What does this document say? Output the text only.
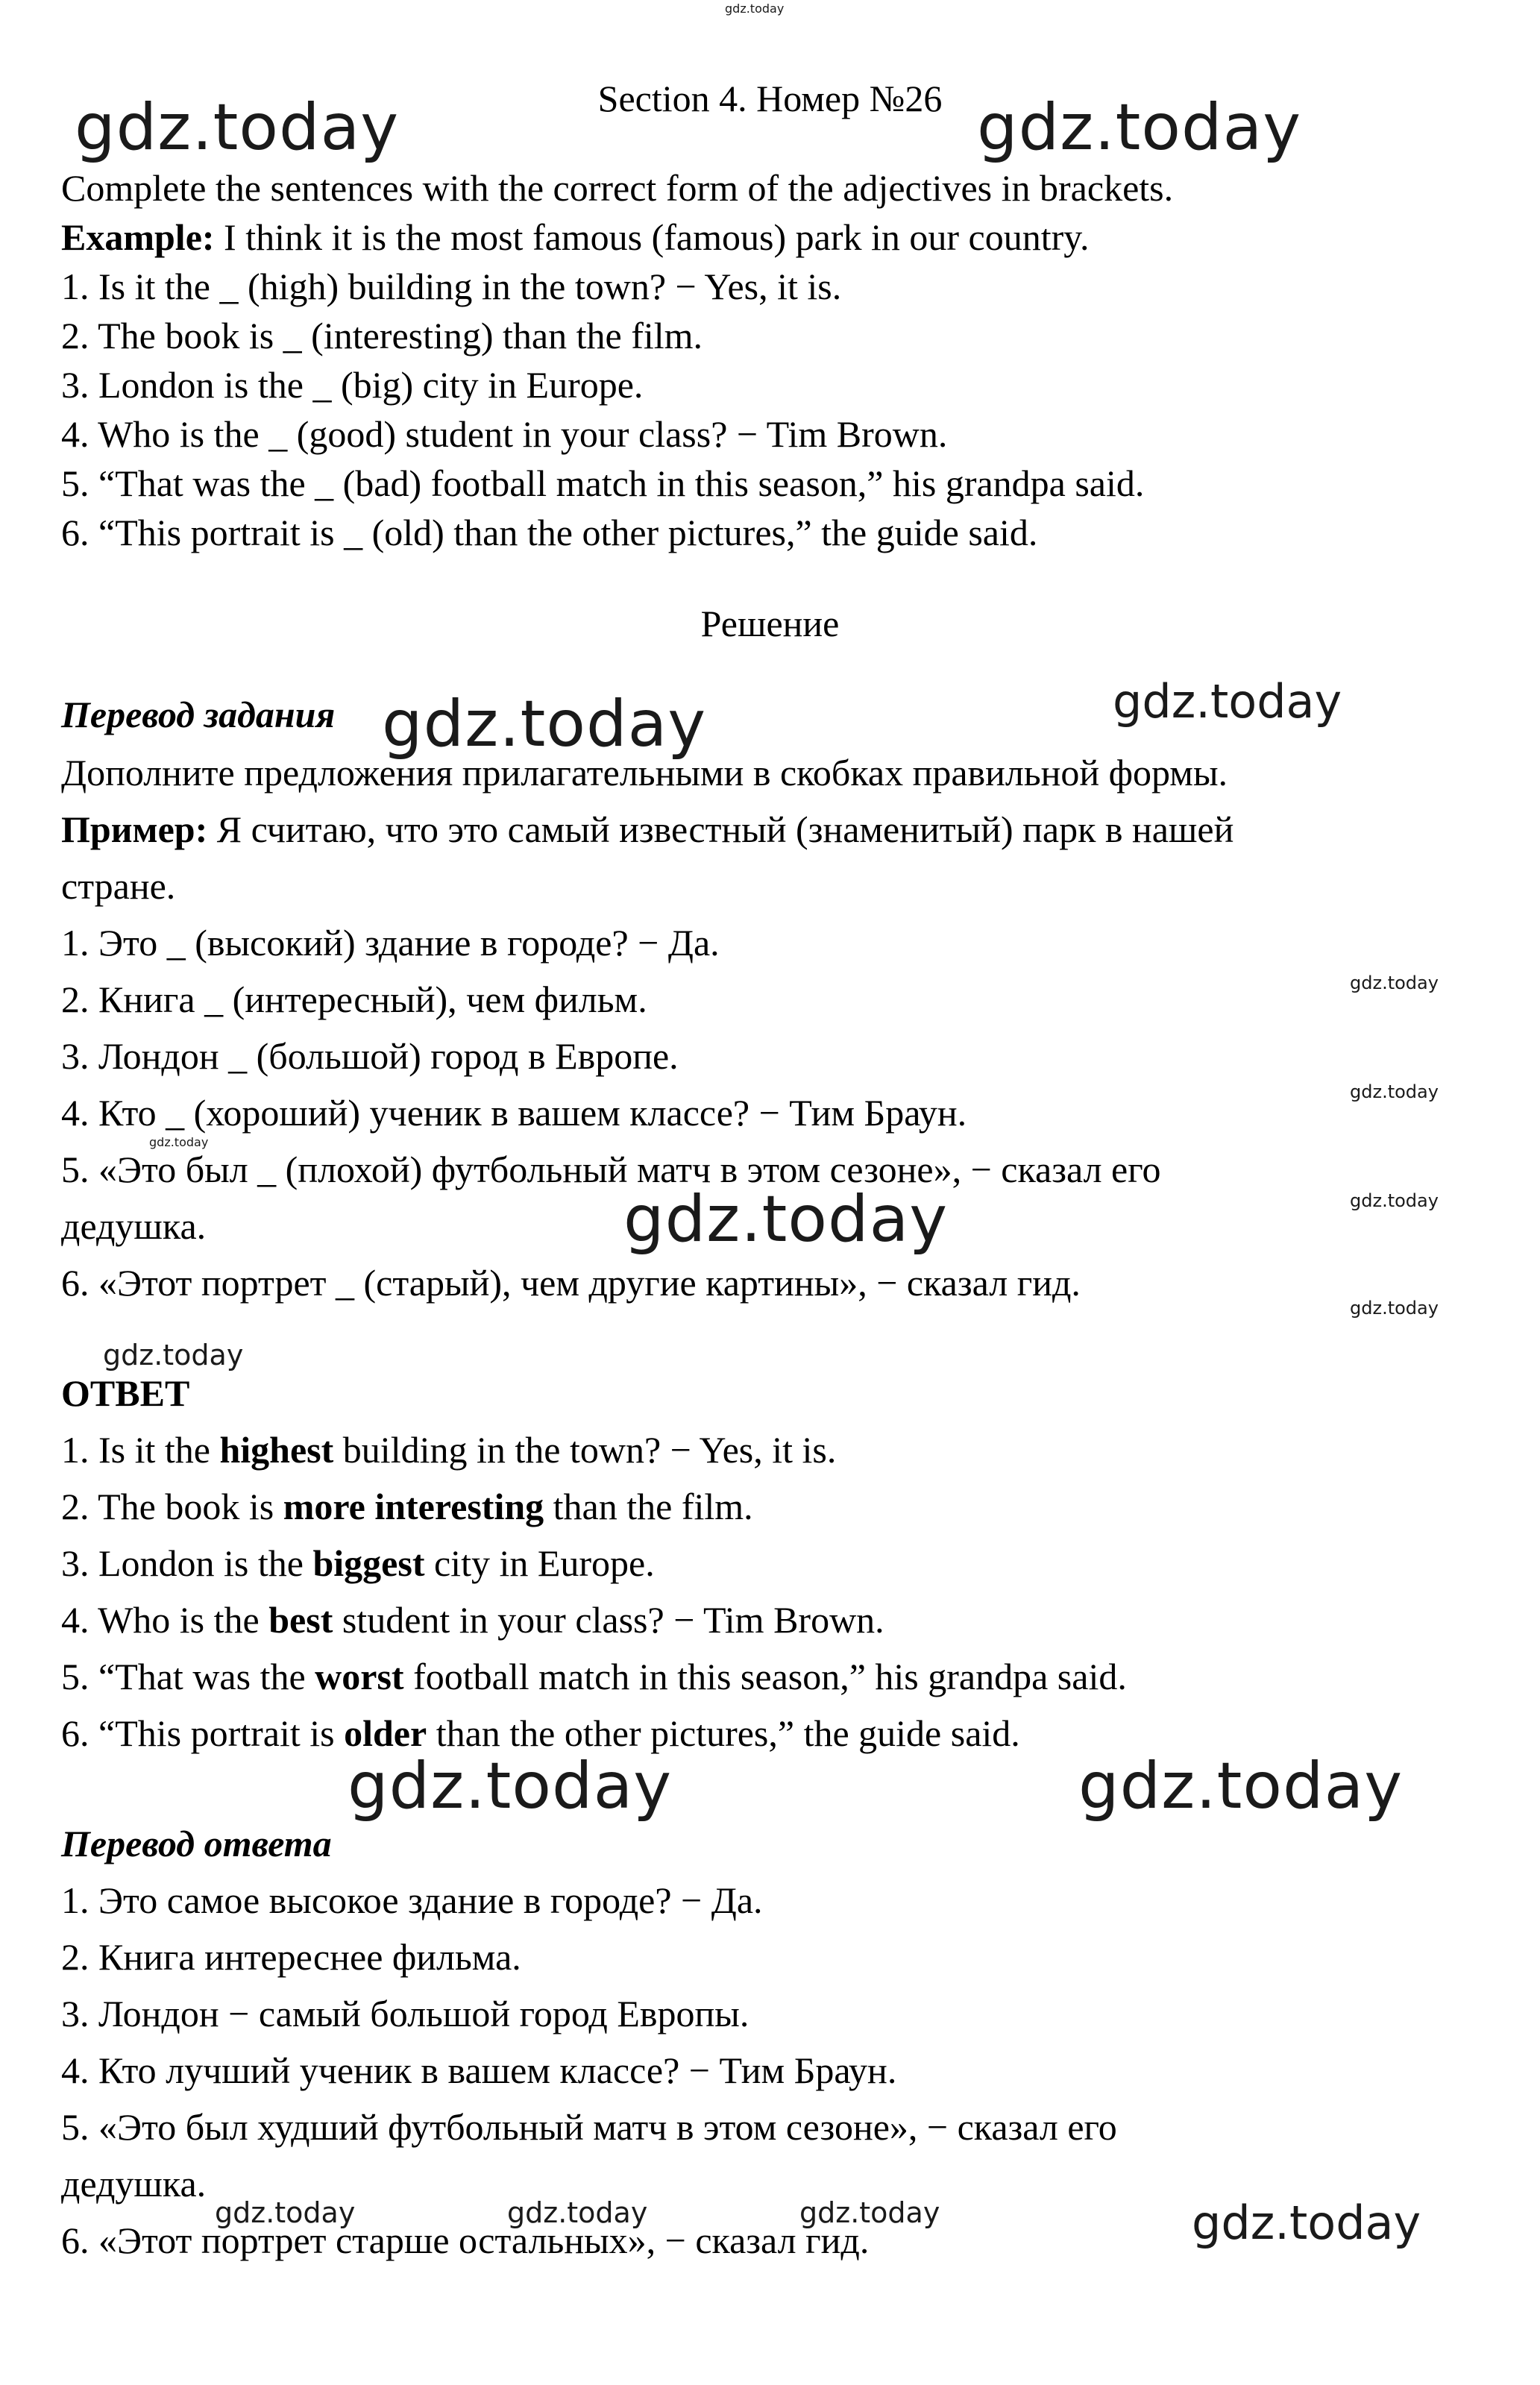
Section 4. Номер №26
Complete the sentences with the correct form of the adjectives in brackets.
Example: I think it is the most famous (famous) park in our country.
1. Is it the _ (high) building in the town? − Yes, it is.
2. The book is _ (interesting) than the film.
3. London is the _ (big) city in Europe.
4. Who is the _ (good) student in your class? − Tim Brown.
5. “That was the _ (bad) football match in this season,” his grandpa said.
6. “This portrait is _ (old) than the other pictures,” the guide said.
Решение
Перевод задания
Дополните предложения прилагательными в скобках правильной формы.
Пример: Я считаю, что это самый известный (знаменитый) парк в нашей
стране.
1. Это _ (высокий) здание в городе? − Да.
2. Книга _ (интересный), чем фильм.
3. Лондон _ (большой) город в Европе.
4. Кто _ (хороший) ученик в вашем классе? − Тим Браун.
5. «Это был _ (плохой) футбольный матч в этом сезоне», − сказал его
дедушка.
6. «Этот портрет _ (старый), чем другие картины», − сказал гид.
ОТВЕТ
1. Is it the highest building in the town? − Yes, it is.
2. The book is more interesting than the film.
3. London is the biggest city in Europe.
4. Who is the best student in your class? − Tim Brown.
5. “That was the worst football match in this season,” his grandpa said.
6. “This portrait is older than the other pictures,” the guide said.
Перевод ответа
1. Это самое высокое здание в городе? − Да.
2. Книга интереснее фильма.
3. Лондон − самый большой город Европы.
4. Кто лучший ученик в вашем классе? − Тим Браун.
5. «Это был худший футбольный матч в этом сезоне», − сказал его
дедушка.
6. «Этот портрет старше остальных», − сказал гид.
gdz.today
gdz.today	gdz.today
gdz.today	gdz.today
gdz.today
gdz.today
gdz.today
gdz.today
gdz.today
gdz.today
gdz.today
gdz.today	gdz.today
gdz.today	gdz.today	gdz.today	gdz.today
